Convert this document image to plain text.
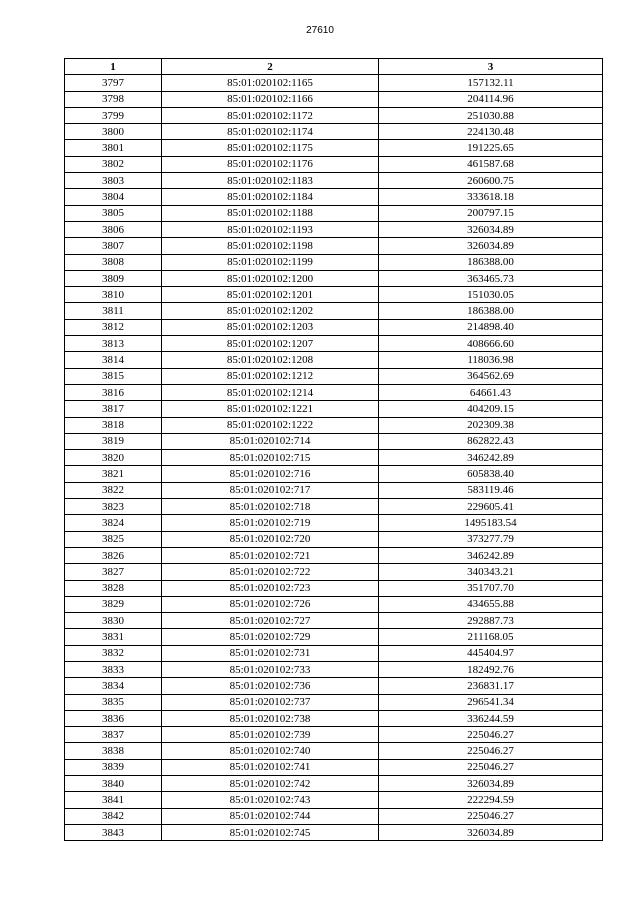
27610
1	2	3
3797	85:01:020102:1165	157132.11
3798	85:01:020102:1166	204114.96
3799	85:01:020102:1172	251030.88
3800	85:01:020102:1174	224130.48
3801	85:01:020102:1175	191225.65
3802	85:01:020102:1176	461587.68
3803	85:01:020102:1183	260600.75
3804	85:01:020102:1184	333618.18
3805	85:01:020102:1188	200797.15
3806	85:01:020102:1193	326034.89
3807	85:01:020102:1198	326034.89
3808	85:01:020102:1199	186388.00
3809	85:01:020102:1200	363465.73
3810	85:01:020102:1201	151030.05
3811	85:01:020102:1202	186388.00
3812	85:01:020102:1203	214898.40
3813	85:01:020102:1207	408666.60
3814	85:01:020102:1208	118036.98
3815	85:01:020102:1212	364562.69
3816	85:01:020102:1214	64661.43
3817	85:01:020102:1221	404209.15
3818	85:01:020102:1222	202309.38
3819	85:01:020102:714	862822.43
3820	85:01:020102:715	346242.89
3821	85:01:020102:716	605838.40
3822	85:01:020102:717	583119.46
3823	85:01:020102:718	229605.41
3824	85:01:020102:719	1495183.54
3825	85:01:020102:720	373277.79
3826	85:01:020102:721	346242.89
3827	85:01:020102:722	340343.21
3828	85:01:020102:723	351707.70
3829	85:01:020102:726	434655.88
3830	85:01:020102:727	292887.73
3831	85:01:020102:729	211168.05
3832	85:01:020102:731	445404.97
3833	85:01:020102:733	182492.76
3834	85:01:020102:736	236831.17
3835	85:01:020102:737	296541.34
3836	85:01:020102:738	336244.59
3837	85:01:020102:739	225046.27
3838	85:01:020102:740	225046.27
3839	85:01:020102:741	225046.27
3840	85:01:020102:742	326034.89
3841	85:01:020102:743	222294.59
3842	85:01:020102:744	225046.27
3843	85:01:020102:745	326034.89
